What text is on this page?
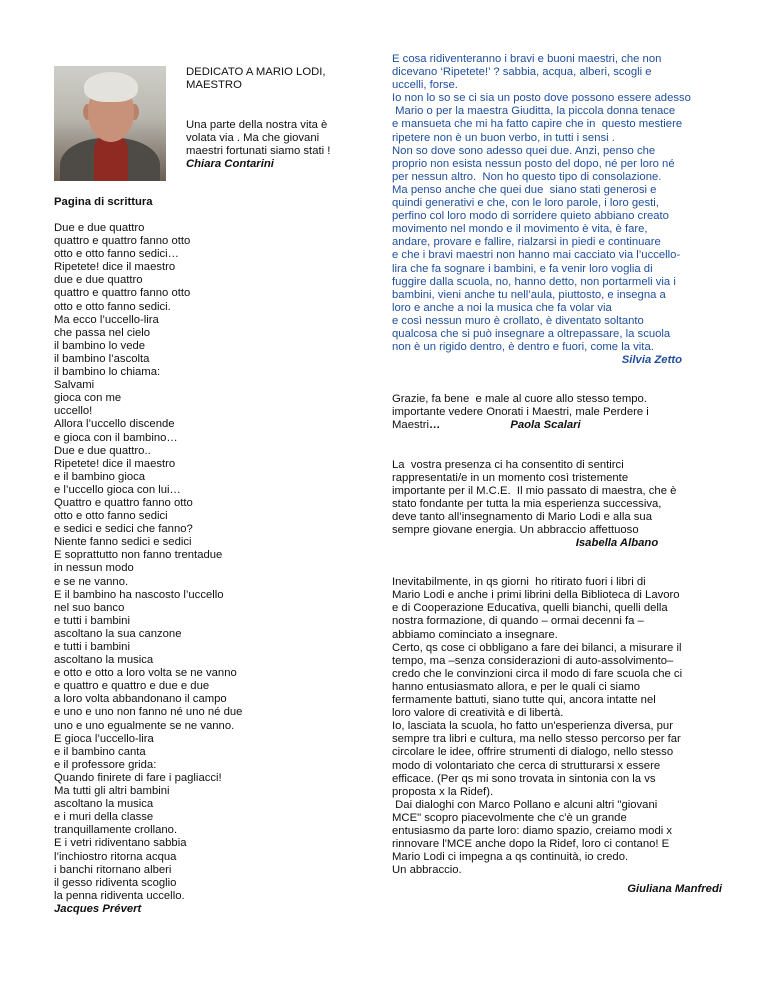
DEDICATO A MARIO LODI,

MAESTRO

Una parte della nostra vita è

volata via . Ma che giovani

maestri fortunati siamo stati !

Chiara Contarini

Pagina di scrittura
Due e due quattro
quattro e quattro fanno otto
otto e otto fanno sedici…
Ripetete! dice il maestro
due e due quattro
quattro e quattro fanno otto
otto e otto fanno sedici.
Ma ecco l’uccello-lira
che passa nel cielo
il bambino lo vede
il bambino l’ascolta
il bambino lo chiama:
Salvami
gioca con me
uccello!
Allora l’uccello discende
e gioca con il bambino…
Due e due quattro..
Ripetete! dice il maestro
e il bambino gioca
e l’uccello gioca con lui…
Quattro e quattro fanno otto
otto e otto fanno sedici
e sedici e sedici che fanno?
Niente fanno sedici e sedici
E soprattutto non fanno trentadue
in nessun modo
e se ne vanno.
E il bambino ha nascosto l’uccello
nel suo banco
e tutti i bambini
ascoltano la sua canzone
e tutti i bambini
ascoltano la musica
e otto e otto a loro volta se ne vanno
e quattro e quattro e due e due
a loro volta abbandonano il campo
e uno e uno non fanno né uno né due
uno e uno egualmente se ne vanno.
E gioca l’uccello-lira
e il bambino canta
e il professore grida:
Quando finirete di fare i pagliacci!
Ma tutti gli altri bambini
ascoltano la musica
e i muri della classe
tranquillamente crollano.
E i vetri ridiventano sabbia
l’inchiostro ritorna acqua
i banchi ritornano alberi
il gesso ridiventa scoglio
la penna ridiventa uccello.
Jacques Prévert
E cosa ridiventeranno i bravi e buoni maestri, che non
dicevano ‘Ripetete!’ ? sabbia, acqua, alberi, scogli e
uccelli, forse.
Io non lo so se ci sia un posto dove possono essere adesso
Mario o per la maestra Giuditta, la piccola donna tenace
e mansueta che mi ha fatto capire che in  questo mestiere
ripetere non è un buon verbo, in tutti i sensi .
Non so dove sono adesso quei due. Anzi, penso che
proprio non esista nessun posto del dopo, né per loro né
per nessun altro.  Non ho questo tipo di consolazione.
Ma penso anche che quei due  siano stati generosi e
quindi generativi e che, con le loro parole, i loro gesti,
perfino col loro modo di sorridere quieto abbiano creato
movimento nel mondo e il movimento è vita, è fare,
andare, provare e fallire, rialzarsi in piedi e continuare
e che i bravi maestri non hanno mai cacciato via l’uccello-
lira che fa sognare i bambini, e fa venir loro voglia di
fuggire dalla scuola, no, hanno detto, non portarmeli via i
bambini, vieni anche tu nell’aula, piuttosto, e insegna a
loro e anche a noi la musica che fa volar via
e così nessun muro è crollato, è diventato soltanto
qualcosa che si può insegnare a oltrepassare, la scuola
non è un rigido dentro, è dentro e fuori, come la vita.

Silvia Zetto

Grazie, fa bene  e male al cuore allo stesso tempo.
importante vedere Onorati i Maestri, male Perdere i

Maestri…	Paola Scalari

La  vostra presenza ci ha consentito di sentirci
rappresentati/e in un momento così tristemente
importante per il M.C.E.  Il mio passato di maestra, che è
stato fondante per tutta la mia esperienza successiva,
deve tanto all’insegnamento di Mario Lodi e alla sua
sempre giovane energia. Un abbraccio affettuoso

Isabella Albano

Inevitabilmente, in qs giorni  ho ritirato fuori i libri di
Mario Lodi e anche i primi librini della Biblioteca di Lavoro
e di Cooperazione Educativa, quelli bianchi, quelli della
nostra formazione, di quando – ormai decenni fa –
abbiamo cominciato a insegnare.
Certo, qs cose ci obbligano a fare dei bilanci, a misurare il
tempo, ma –senza considerazioni di auto-assolvimento–
credo che le convinzioni circa il modo di fare scuola che ci
hanno entusiasmato allora, e per le quali ci siamo
fermamente battuti, siano tutte qui, ancora intatte nel
loro valore di creatività e di libertà.
Io, lasciata la scuola, ho fatto un'esperienza diversa, pur
sempre tra libri e cultura, ma nello stesso percorso per far
circolare le idee, offrire strumenti di dialogo, nello stesso
modo di volontariato che cerca di strutturarsi x essere
efficace. (Per qs mi sono trovata in sintonia con la vs
proposta x la Ridef).
Dai dialoghi con Marco Pollano e alcuni altri "giovani
MCE" scopro piacevolmente che c'è un grande
entusiasmo da parte loro: diamo spazio, creiamo modi x
rinnovare l'MCE anche dopo la Ridef, loro ci contano! E
Mario Lodi ci impegna a qs continuità, io credo.
Un abbraccio.

Giuliana Manfredi
